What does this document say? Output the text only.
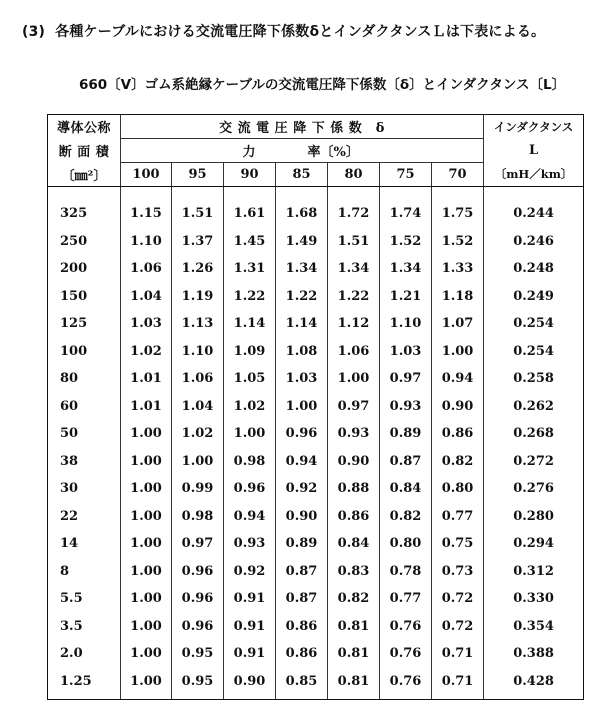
(3) 各種ケーブルにおける交流電圧降下係数δとインダクタンスＬは下表による。
660〔V〕ゴム系絶縁ケーブルの交流電圧降下係数〔δ〕とインダクタンス〔L〕
導体公称	交 流 電 圧 降 下 係 数　δ							インダクタンス
断 面 積	力			率〔%〕				L
〔㎜²〕	100	95	90	85	80	75	70	〔mH／km〕

325	1.15	1.51	1.61	1.68	1.72	1.74	1.75	0.244
250	1.10	1.37	1.45	1.49	1.51	1.52	1.52	0.246
200	1.06	1.26	1.31	1.34	1.34	1.34	1.33	0.248
150	1.04	1.19	1.22	1.22	1.22	1.21	1.18	0.249
125	1.03	1.13	1.14	1.14	1.12	1.10	1.07	0.254
100	1.02	1.10	1.09	1.08	1.06	1.03	1.00	0.254
80	1.01	1.06	1.05	1.03	1.00	0.97	0.94	0.258
60	1.01	1.04	1.02	1.00	0.97	0.93	0.90	0.262
50	1.00	1.02	1.00	0.96	0.93	0.89	0.86	0.268
38	1.00	1.00	0.98	0.94	0.90	0.87	0.82	0.272
30	1.00	0.99	0.96	0.92	0.88	0.84	0.80	0.276
22	1.00	0.98	0.94	0.90	0.86	0.82	0.77	0.280
14	1.00	0.97	0.93	0.89	0.84	0.80	0.75	0.294
8	1.00	0.96	0.92	0.87	0.83	0.78	0.73	0.312
5.5	1.00	0.96	0.91	0.87	0.82	0.77	0.72	0.330
3.5	1.00	0.96	0.91	0.86	0.81	0.76	0.72	0.354
2.0	1.00	0.95	0.91	0.86	0.81	0.76	0.71	0.388
1.25	1.00	0.95	0.90	0.85	0.81	0.76	0.71	0.428
